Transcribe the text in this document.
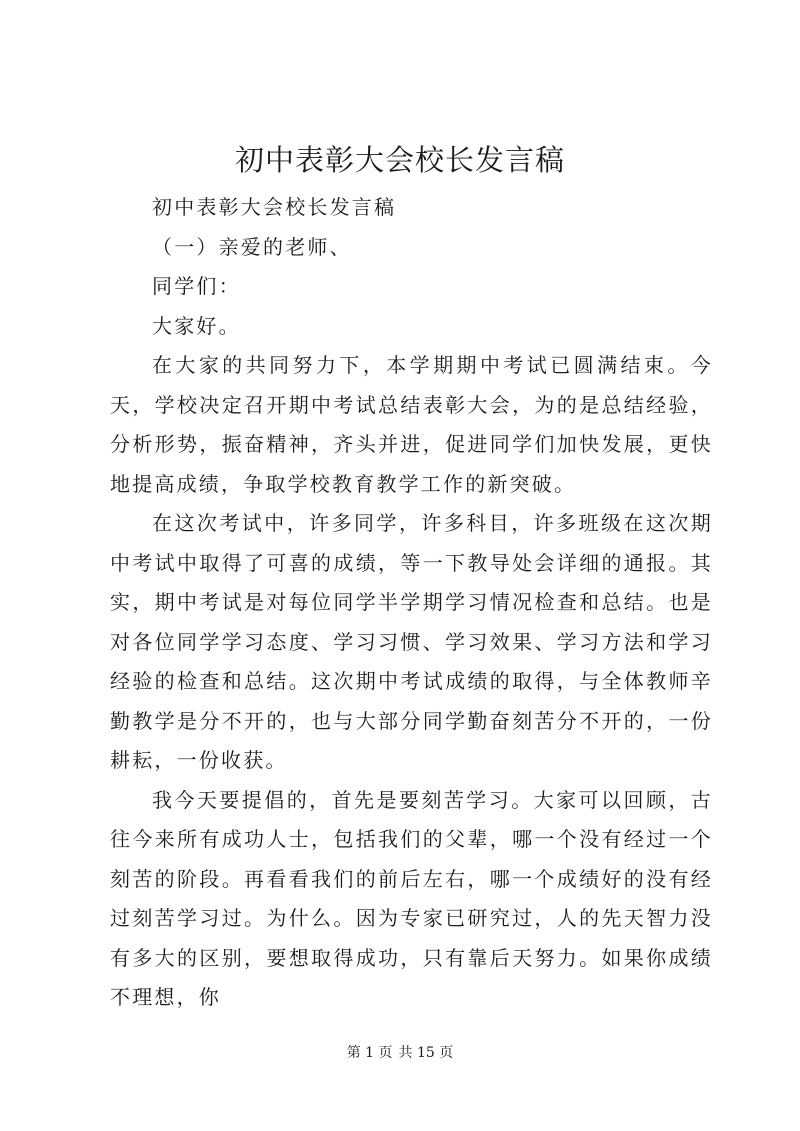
初中表彰大会校长发言稿

初中表彰大会校长发言稿

（一）亲爱的老师、

同学们：

大家好。

在大家的共同努力下，本学期期中考试已圆满结束。今天，学校决定召开期中考试总结表彰大会，为的是总结经验，分析形势，振奋精神，齐头并进，促进同学们加快发展，更快地提高成绩，争取学校教育教学工作的新突破。

在这次考试中，许多同学，许多科目，许多班级在这次期中考试中取得了可喜的成绩，等一下教导处会详细的通报。其实，期中考试是对每位同学半学期学习情况检查和总结。也是对各位同学学习态度、学习习惯、学习效果、学习方法和学习经验的检查和总结。这次期中考试成绩的取得，与全体教师辛勤教学是分不开的，也与大部分同学勤奋刻苦分不开的，一份耕耘，一份收获。

我今天要提倡的，首先是要刻苦学习。大家可以回顾，古往今来所有成功人士，包括我们的父辈，哪一个没有经过一个刻苦的阶段。再看看我们的前后左右，哪一个成绩好的没有经过刻苦学习过。为什么。因为专家已研究过，人的先天智力没有多大的区别，要想取得成功，只有靠后天努力。如果你成绩不理想，你

第 1 页 共 15 页
